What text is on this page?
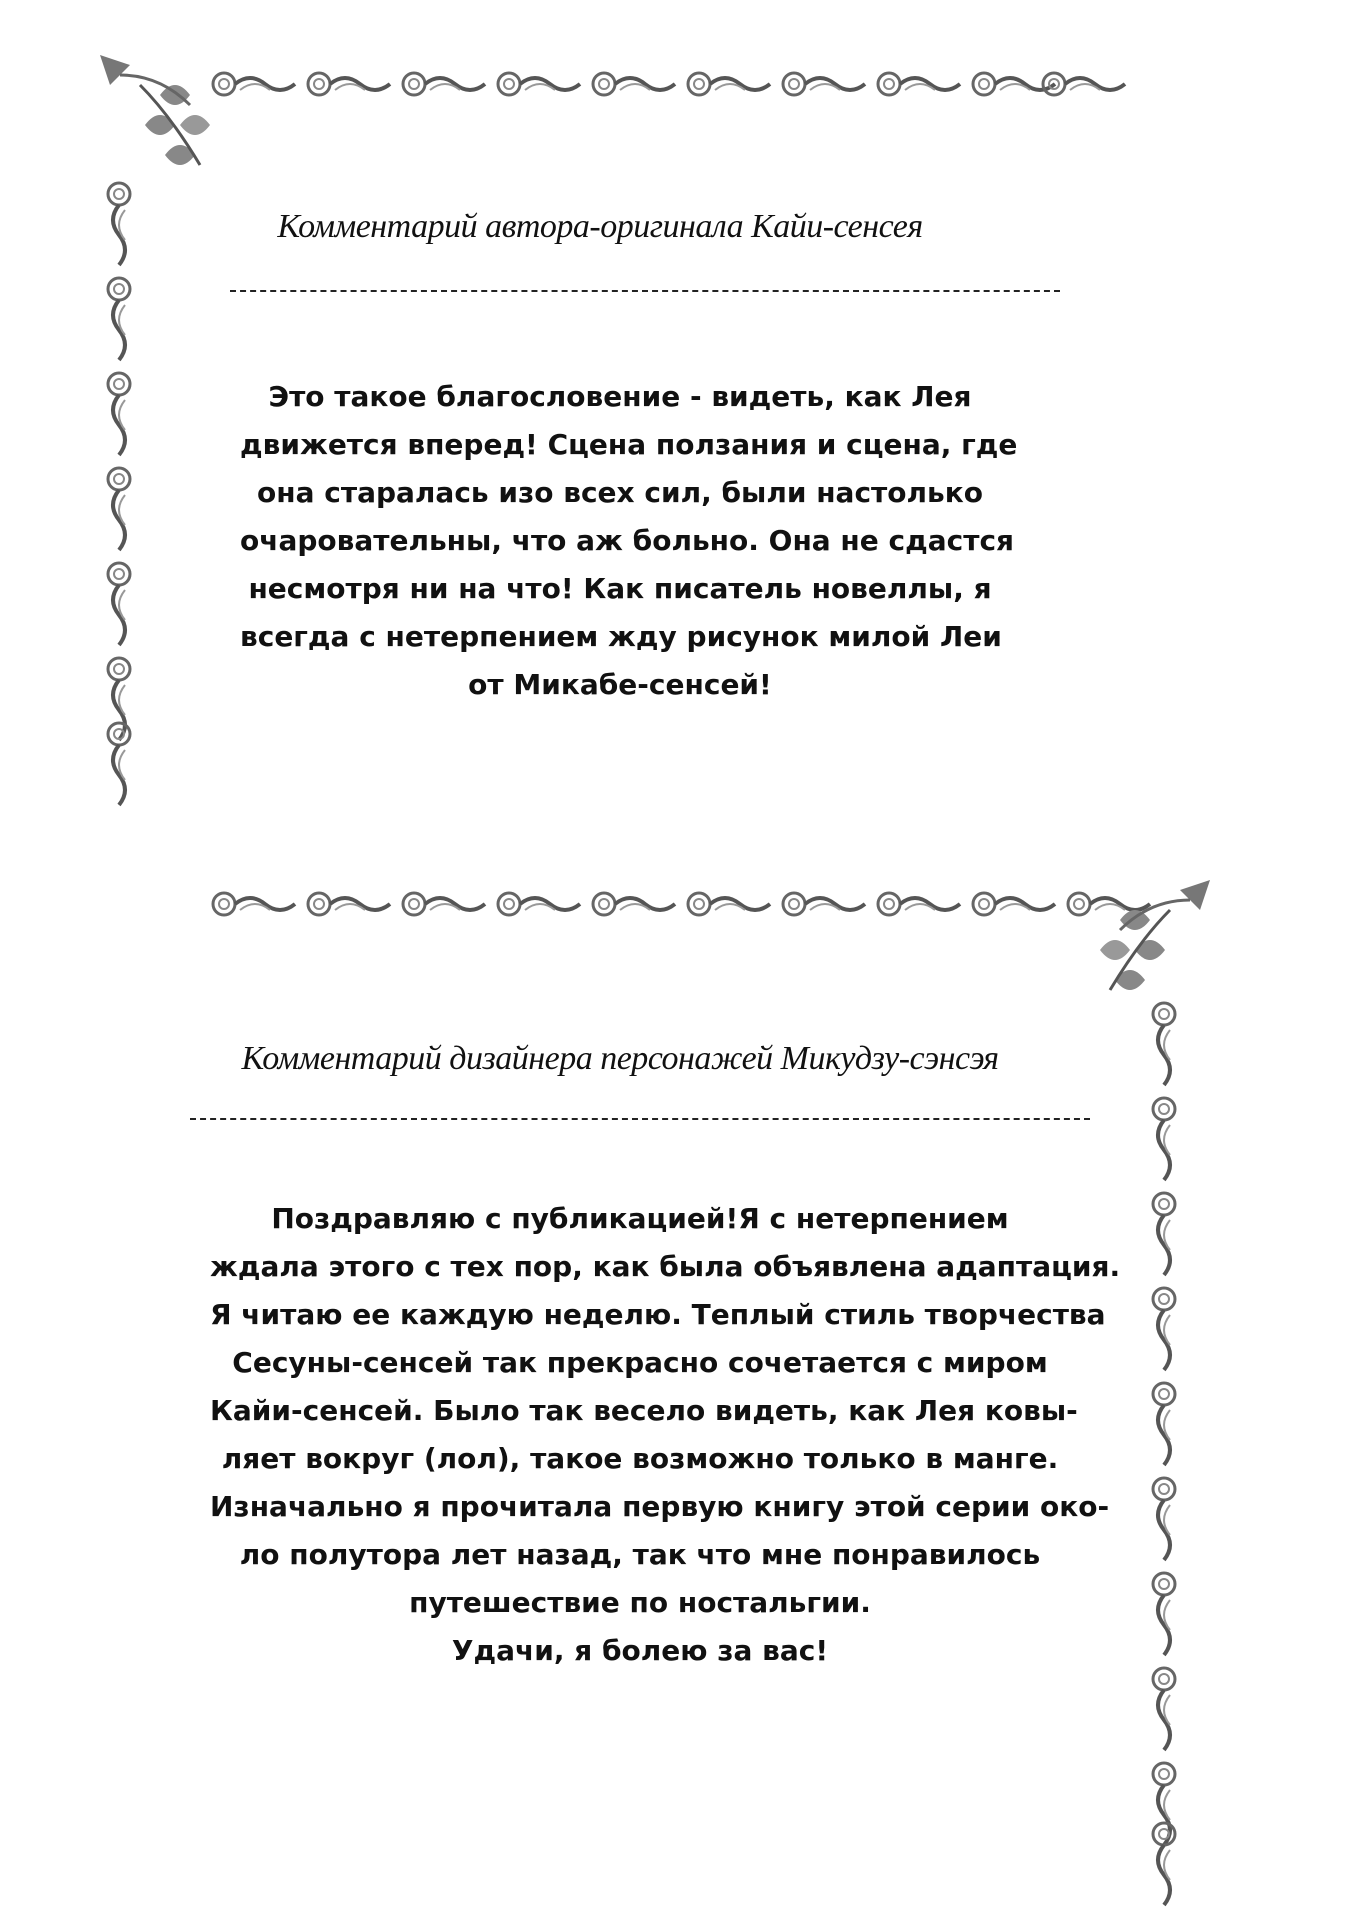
Комментарий автора-оригинала Кайи-сенсея
Это такое благословение - видеть, как Лея
движется вперед! Сцена ползания и сцена, где
она старалась изо всех сил, были настолько
очаровательны, что аж больно. Она не сдастся
несмотря ни на что! Как писатель новеллы, я
всегда с нетерпением жду рисунок милой Леи
от Микабе-сенсей!
Комментарий дизайнера персонажей Микудзу-сэнсэя
Поздравляю с публикацией!Я с нетерпением
ждала этого с тех пор, как была объявлена адаптация.
Я читаю ее каждую неделю. Теплый стиль творчества
Сесуны-сенсей так прекрасно сочетается с миром
Кайи-сенсей. Было так весело видеть, как Лея ковы-
ляет вокруг (лол), такое возможно только в манге.
Изначально я прочитала первую книгу этой серии око-
ло полутора лет назад, так что мне понравилось
путешествие по ностальгии.
Удачи, я болею за вас!
